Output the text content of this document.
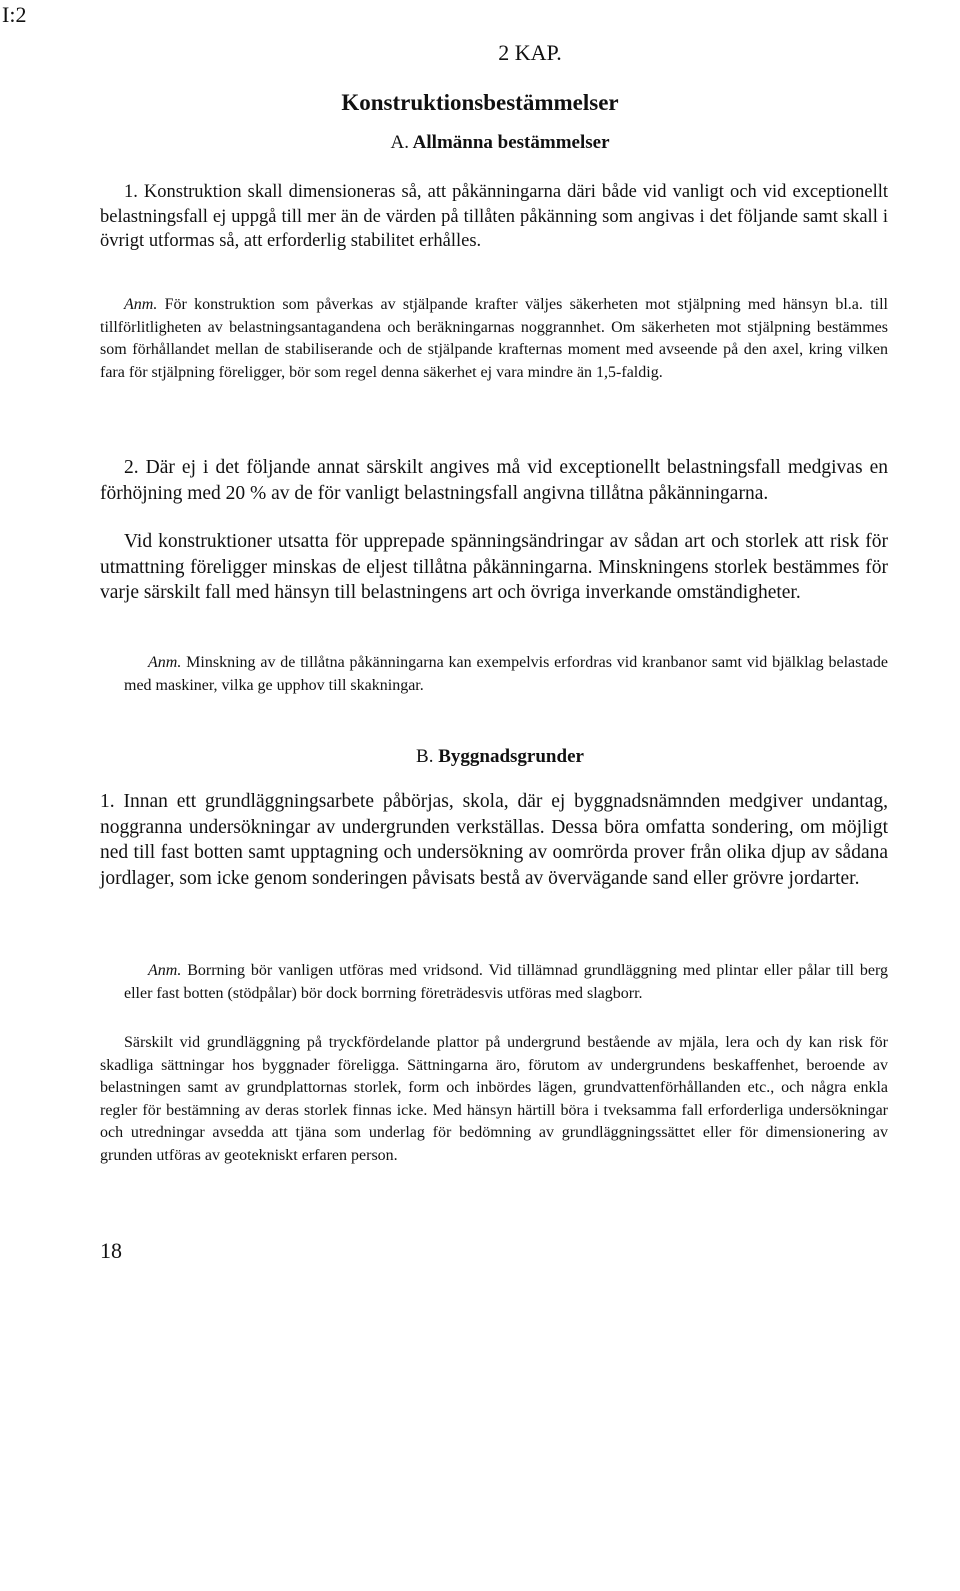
I:2
2 KAP.
Konstruktionsbestämmelser
A. Allmänna bestämmelser
1. Konstruktion skall dimensioneras så, att påkänningarna däri både vid vanligt och vid exceptionellt belastningsfall ej uppgå till mer än de värden på tillåten påkänning som angivas i det följande samt skall i övrigt utformas så, att erforderlig stabilitet erhålles.
Anm. För konstruktion som påverkas av stjälpande krafter väljes säkerheten mot stjälpning med hänsyn bl.a. till tillförlitligheten av belastningsantagandena och beräkningarnas noggrannhet. Om säkerheten mot stjälpning bestämmes som förhållandet mellan de stabiliserande och de stjälpande krafternas moment med avseende på den axel, kring vilken fara för stjälpning föreligger, bör som regel denna säkerhet ej vara mindre än 1,5-faldig.
2. Där ej i det följande annat särskilt angives må vid exceptionellt belastningsfall medgivas en förhöjning med 20 % av de för vanligt belastningsfall angivna tillåtna påkänningarna.
Vid konstruktioner utsatta för upprepade spänningsändringar av sådan art och storlek att risk för utmattning föreligger minskas de eljest tillåtna påkänningarna. Minskningens storlek bestämmes för varje särskilt fall med hänsyn till belastningens art och övriga inverkande omständigheter.
Anm. Minskning av de tillåtna påkänningarna kan exempelvis erfordras vid kranbanor samt vid bjälklag belastade med maskiner, vilka ge upphov till skakningar.
B. Byggnadsgrunder
1. Innan ett grundläggningsarbete påbörjas, skola, där ej byggnadsnämnden medgiver undantag, noggranna undersökningar av undergrunden verkställas. Dessa böra omfatta sondering, om möjligt ned till fast botten samt upptagning och undersökning av oomrörda prover från olika djup av sådana jordlager, som icke genom sonderingen påvisats bestå av övervägande sand eller grövre jordarter.
Anm. Borrning bör vanligen utföras med vridsond. Vid tillämnad grundläggning med plintar eller pålar till berg eller fast botten (stödpålar) bör dock borrning företrädesvis utföras med slagborr.
Särskilt vid grundläggning på tryckfördelande plattor på undergrund bestående av mjäla, lera och dy kan risk för skadliga sättningar hos byggnader föreligga. Sättningarna äro, förutom av undergrundens beskaffenhet, beroende av belastningen samt av grundplattornas storlek, form och inbördes lägen, grundvattenförhållanden etc., och några enkla regler för bestämning av deras storlek finnas icke. Med hänsyn härtill böra i tveksamma fall erforderliga undersökningar och utredningar avsedda att tjäna som underlag för bedömning av grundläggningssättet eller för dimensionering av grunden utföras av geotekniskt erfaren person.
18
